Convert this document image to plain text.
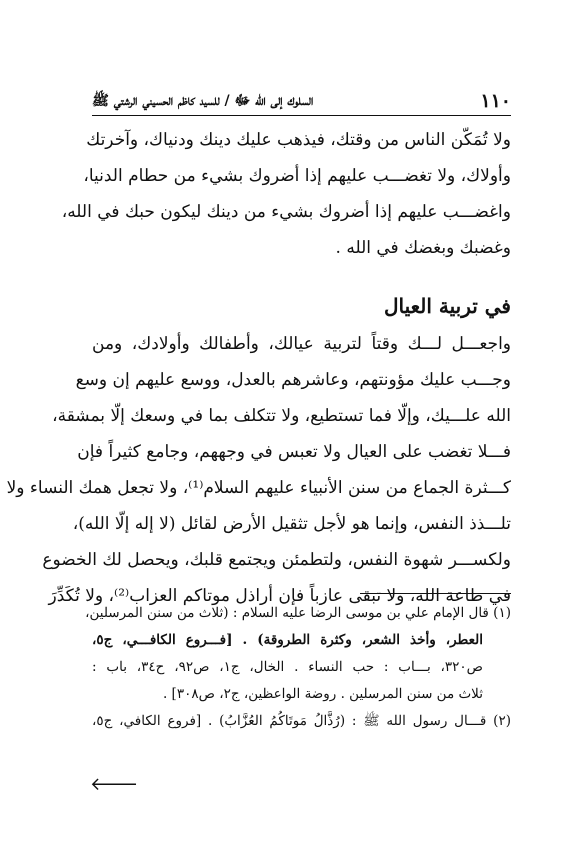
١١٠
السلوك إلى الله ﷻ / للسيد كاظم الحسيني الرشتي ﷺ
ولا تُمَكّن الناس من وقتك، فيذهب عليك دينك ودنياك، وآخرتك
وأولاك، ولا تغضـــب عليهم إذا أضروك بشيء من حطام الدنيا،
واغضـــب عليهم إذا أضروك بشيء من دينك ليكون حبك في الله،
وغضبك وبغضك في الله .
في تربية العيال
واجعـــل لـــك وقتاً لتربية عيالك، وأطفالك وأولادك، ومن
وجـــب عليك مؤونتهم، وعاشرهم بالعدل، ووسع عليهم إن وسع
الله علـــيك، وإلّا فما تستطيع، ولا تتكلف بما في وسعك إلّا بمشقة،
فـــلا تغضب على العيال ولا تعبس في وجههم، وجامع كثيراً فإن
كـــثرة الجماع من سنن الأنبياء عليهم السلام⁽¹⁾، ولا تجعل همك النساء ولا
تلـــذذ النفس، وإنما هو لأجل تثقيل الأرض لقائل (لا إله إلّا الله)،
ولكســـر شهوة النفس، ولتطمئن ويجتمع قلبك، ويحصل لك الخضوع
في طاعة الله، ولا تبقى عازباً فإن أراذل موتاكم العزاب⁽²⁾، ولا تُكَدِّرَ
(١) قال الإمام علي بن موسى الرضا عليه السلام : (ثلاث من سنن المرسلين،
العطر، وأخذ الشعر، وكثرة الطروقة) . [فـــروع الكافـــي، ج٥،
ص٣٢٠، بـــاب : حب النساء . الخال، ج١، ص٩٢، ح٣٤، باب :
ثلاث من سنن المرسلين . روضة الواعظين، ج٢، ص٣٠٨] .
(٢) قـــال رسول الله ﷺ : (رُذَّالُ مَوتَاكُمُ العُزَّابُ) . [فروع الكافي، ج٥،
🡐
